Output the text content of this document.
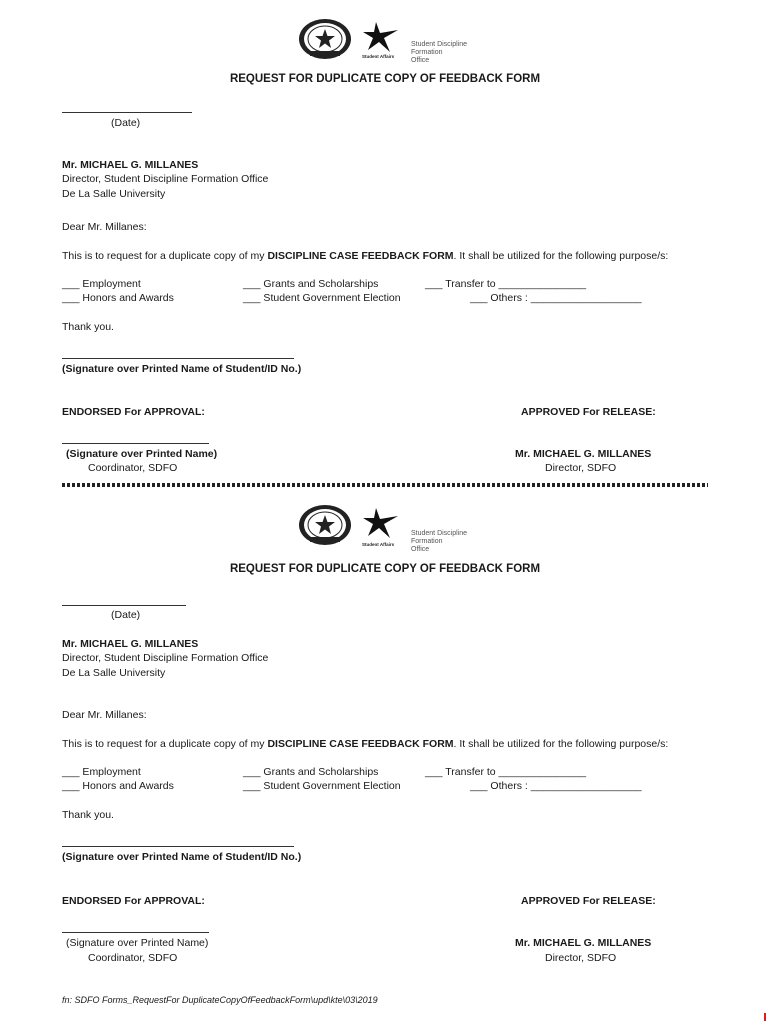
Student Affairs
Student Discipline
Formation
Office
REQUEST FOR DUPLICATE COPY OF FEEDBACK FORM
(Date)
Mr. MICHAEL G. MILLANES
Director, Student Discipline Formation Office
De La Salle University
Dear Mr. Millanes:
This is to request for a duplicate copy of my DISCIPLINE CASE FEEDBACK FORM. It shall be utilized for the following purpose/s:
___ Employment
___ Honors and Awards
___ Grants and Scholarships
___ Student Government Election
___ Transfer to _______________
___ Others : ___________________
Thank you.
(Signature over Printed Name of Student/ID No.)
ENDORSED For APPROVAL:	APPROVED For RELEASE:
(Signature over Printed Name)
Coordinator, SDFO
Mr. MICHAEL G. MILLANES
Director, SDFO
Student Affairs
Student Discipline
Formation
Office
REQUEST FOR DUPLICATE COPY OF FEEDBACK FORM
(Date)
Mr. MICHAEL G. MILLANES
Director, Student Discipline Formation Office
De La Salle University
Dear Mr. Millanes:
This is to request for a duplicate copy of my DISCIPLINE CASE FEEDBACK FORM. It shall be utilized for the following purpose/s:
___ Employment
___ Honors and Awards
___ Grants and Scholarships
___ Student Government Election
___ Transfer to _______________
___ Others : ___________________
Thank you.
(Signature over Printed Name of Student/ID No.)
ENDORSED For APPROVAL:	APPROVED For RELEASE:
(Signature over Printed Name)
Coordinator, SDFO
Mr. MICHAEL G. MILLANES
Director, SDFO
fn: SDFO Forms_RequestFor DuplicateCopyOfFeedbackForm\upd\kte\03\2019
